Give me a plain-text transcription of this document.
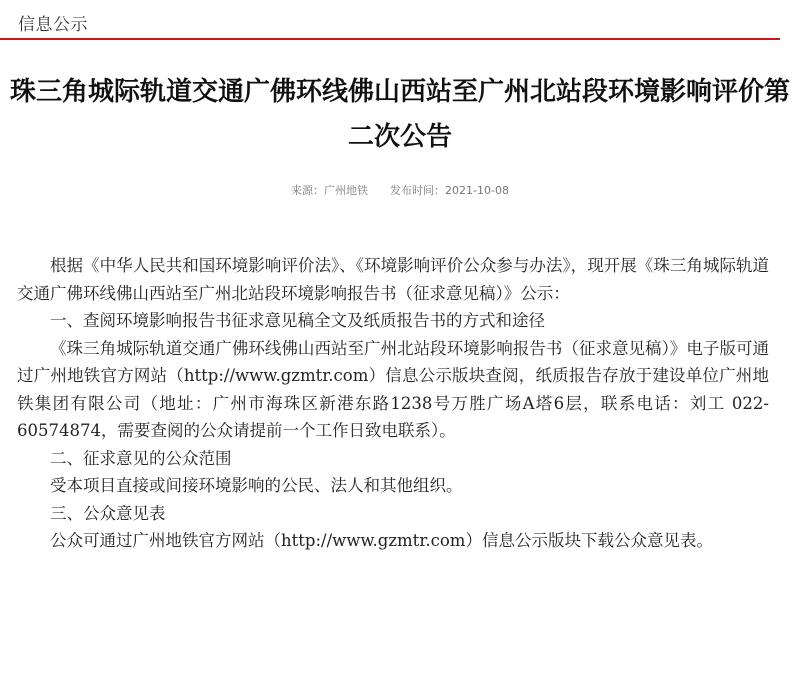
信息公示
珠三角城际轨道交通广佛环线佛山西站至广州北站段环境影响评价第二次公告
来源：广州地铁 发布时间：2021-10-08

根据《中华人民共和国环境影响评价法》、《环境影响评价公众参与办法》，现开展《珠三角城际轨道交通广佛环线佛山西站至广州北站段环境影响报告书（征求意见稿）》公示：

一、查阅环境影响报告书征求意见稿全文及纸质报告书的方式和途径

《珠三角城际轨道交通广佛环线佛山西站至广州北站段环境影响报告书（征求意见稿）》电子版可通过广州地铁官方网站（http://www.gzmtr.com）信息公示版块查阅，纸质报告存放于建设单位广州地铁集团有限公司（地址：广州市海珠区新港东路1238号万胜广场A塔6层，联系电话：刘工 022-60574874，需要查阅的公众请提前一个工作日致电联系）。

二、征求意见的公众范围

受本项目直接或间接环境影响的公民、法人和其他组织。

三、公众意见表

公众可通过广州地铁官方网站（http://www.gzmtr.com）信息公示版块下载公众意见表。
